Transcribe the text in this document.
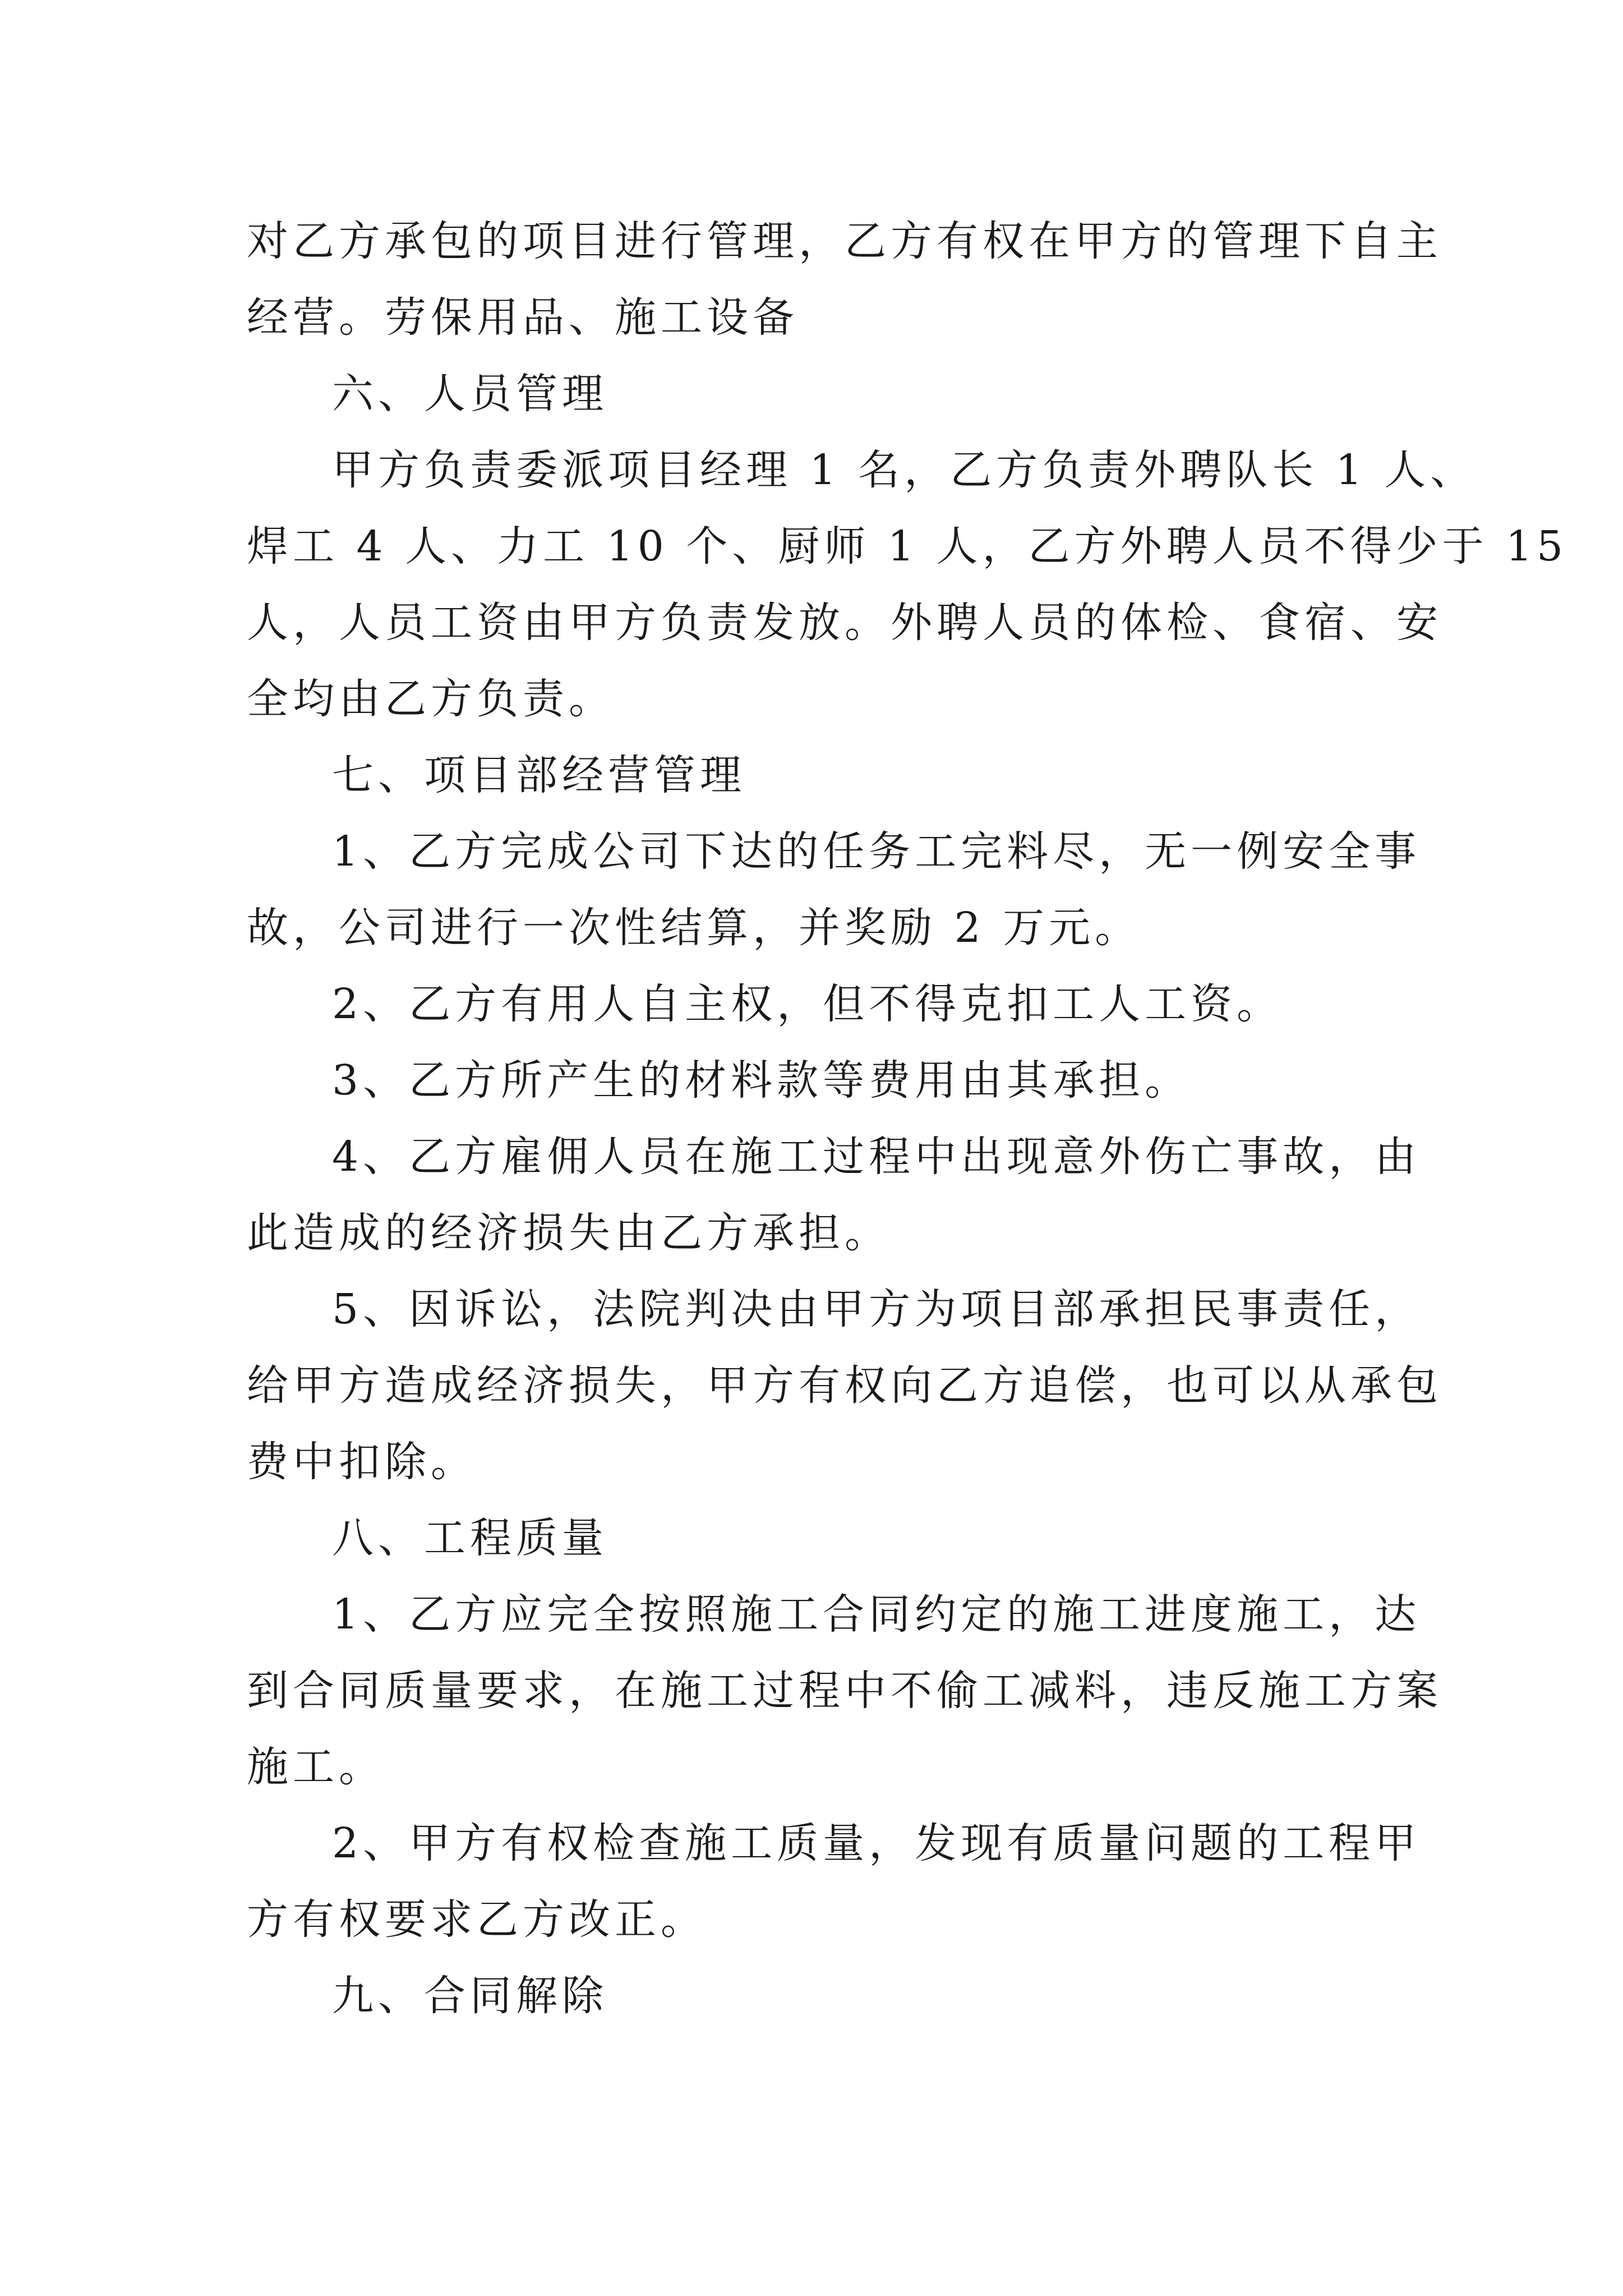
对乙方承包的项目进行管理，乙方有权在甲方的管理下自主
经营。劳保用品、施工设备
六、人员管理
甲方负责委派项目经理 1 名，乙方负责外聘队长 1 人、
焊工 4 人、力工 10 个、厨师 1 人，乙方外聘人员不得少于 15
人，人员工资由甲方负责发放。外聘人员的体检、食宿、安
全均由乙方负责。
七、项目部经营管理
1、乙方完成公司下达的任务工完料尽，无一例安全事
故，公司进行一次性结算，并奖励 2 万元。
2、乙方有用人自主权，但不得克扣工人工资。
3、乙方所产生的材料款等费用由其承担。
4、乙方雇佣人员在施工过程中出现意外伤亡事故，由
此造成的经济损失由乙方承担。
5、因诉讼，法院判决由甲方为项目部承担民事责任，
给甲方造成经济损失，甲方有权向乙方追偿，也可以从承包
费中扣除。
八、工程质量
1、乙方应完全按照施工合同约定的施工进度施工，达
到合同质量要求，在施工过程中不偷工减料，违反施工方案
施工。
2、甲方有权检查施工质量，发现有质量问题的工程甲
方有权要求乙方改正。
九、合同解除
